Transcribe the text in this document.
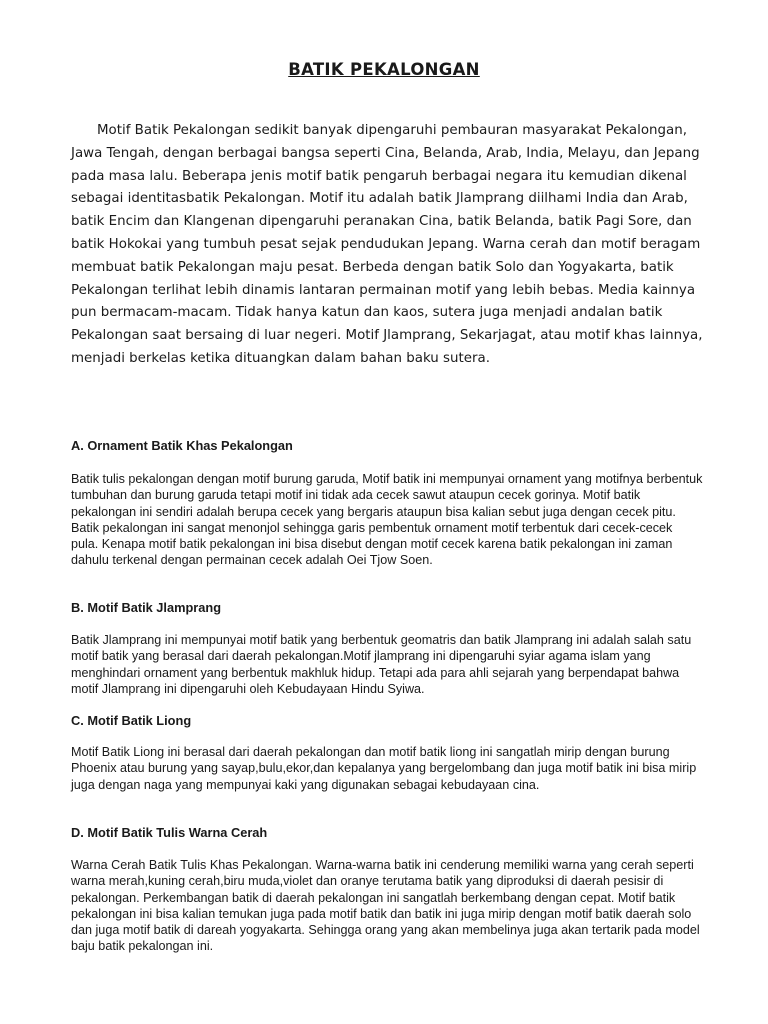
BATIK PEKALONGAN

Motif Batik Pekalongan sedikit banyak dipengaruhi pembauran masyarakat Pekalongan, Jawa Tengah, dengan berbagai bangsa seperti Cina, Belanda, Arab, India, Melayu, dan Jepang pada masa lalu. Beberapa jenis motif batik pengaruh berbagai negara itu kemudian dikenal sebagai identitasbatik Pekalongan. Motif itu adalah batik Jlamprang diilhami India dan Arab, batik Encim dan Klangenan dipengaruhi peranakan Cina, batik Belanda, batik Pagi Sore, dan batik Hokokai yang tumbuh pesat sejak pendudukan Jepang. Warna cerah dan motif beragam membuat batik Pekalongan maju pesat. Berbeda dengan batik Solo dan Yogyakarta, batik Pekalongan terlihat lebih dinamis lantaran permainan motif yang lebih bebas. Media kainnya pun bermacam-macam. Tidak hanya katun dan kaos, sutera juga menjadi andalan batik Pekalongan saat bersaing di luar negeri. Motif Jlamprang, Sekarjagat, atau motif khas lainnya, menjadi berkelas ketika dituangkan dalam bahan baku sutera.

A. Ornament Batik Khas Pekalongan

Batik tulis pekalongan dengan motif burung garuda, Motif batik ini mempunyai ornament yang motifnya berbentuk tumbuhan dan burung garuda tetapi motif ini tidak ada cecek sawut ataupun cecek gorinya. Motif batik pekalongan ini sendiri adalah berupa cecek yang bergaris ataupun bisa kalian sebut juga dengan cecek pitu. Batik pekalongan ini sangat menonjol sehingga garis pembentuk ornament motif terbentuk dari cecek-cecek pula. Kenapa motif batik pekalongan ini bisa disebut dengan motif cecek karena batik pekalongan ini zaman dahulu terkenal dengan permainan cecek adalah Oei Tjow Soen.

B. Motif Batik Jlamprang

Batik Jlamprang ini mempunyai motif batik yang berbentuk geomatris dan batik Jlamprang ini adalah salah satu motif batik yang berasal dari daerah pekalongan.Motif jlamprang ini dipengaruhi syiar agama islam yang menghindari ornament yang berbentuk makhluk hidup. Tetapi ada para ahli sejarah yang berpendapat bahwa motif Jlamprang ini dipengaruhi oleh Kebudayaan Hindu Syiwa.

C. Motif Batik Liong

Motif Batik Liong ini berasal dari daerah pekalongan dan motif batik liong ini sangatlah mirip dengan burung Phoenix atau burung yang sayap,bulu,ekor,dan kepalanya yang bergelombang dan juga motif batik ini bisa mirip juga dengan naga yang mempunyai kaki yang digunakan sebagai kebudayaan cina.

D. Motif Batik Tulis Warna Cerah

Warna Cerah Batik Tulis Khas Pekalongan. Warna-warna batik ini cenderung memiliki warna yang cerah seperti warna merah,kuning cerah,biru muda,violet dan oranye terutama batik yang diproduksi di daerah pesisir di pekalongan. Perkembangan batik di daerah pekalongan ini sangatlah berkembang dengan cepat. Motif batik pekalongan ini bisa kalian temukan juga pada motif batik dan batik ini juga mirip dengan motif batik daerah solo dan juga motif batik di dareah yogyakarta. Sehingga orang yang akan membelinya juga akan tertarik pada model baju batik pekalongan ini.
